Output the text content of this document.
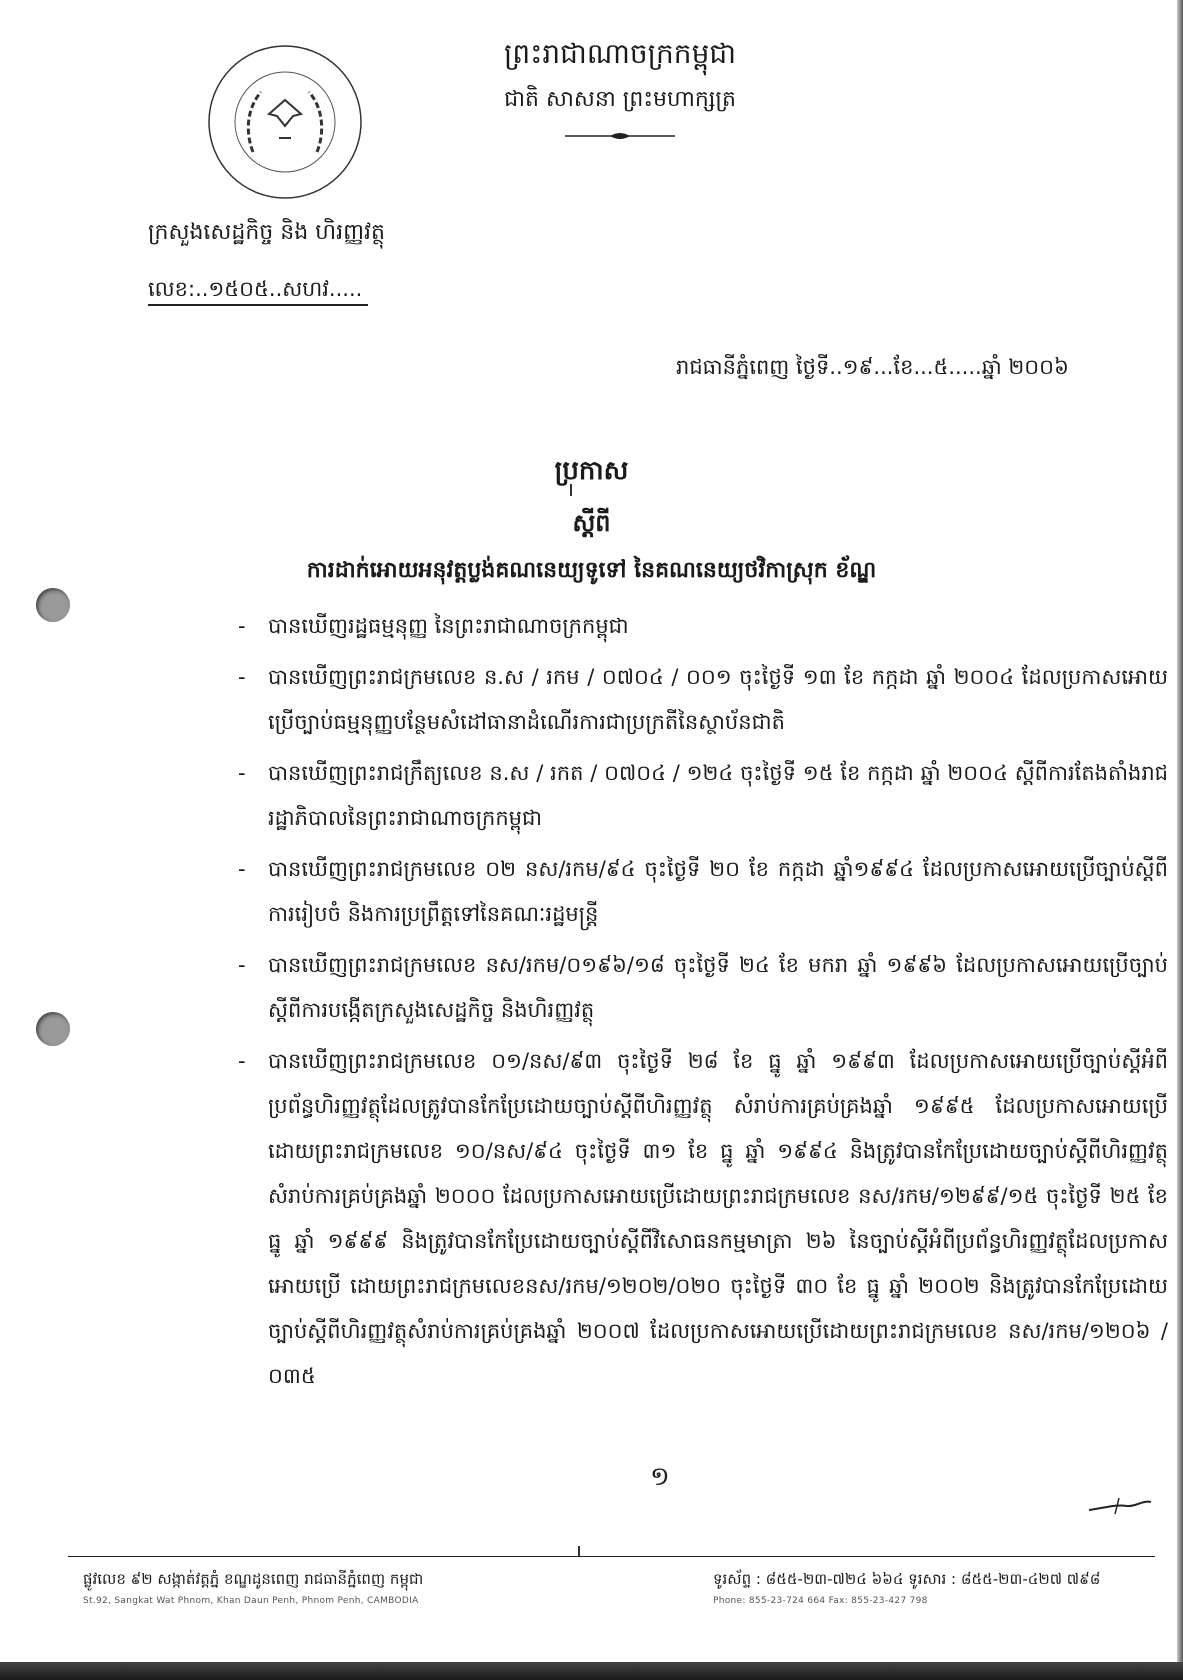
ក្រសួងសេដ្ឋកិច្ច និង ហិរញ្ញវត្ថុ
លេខ:..១៥០៥..សហវ.....
ព្រះរាជាណាចក្រកម្ពុជា
ជាតិ សាសនា ព្រះមហាក្សត្រ
រាជធានីភ្នំពេញ ថ្ងៃទី..១៩...ខែ...៥.....ឆ្នាំ ២០០៦
ប្រកាស
ស្តីពី
ការដាក់អោយអនុវត្តប្លង់គណនេយ្យទូទៅ នៃគណនេយ្យថវិកាស្រុក ខ័ណ្ឌ
- បានឃើញរដ្ឋធម្មនុញ្ញ នៃព្រះរាជាណាចក្រកម្ពុជា
- បានឃើញព្រះរាជក្រមលេខ ន.ស / រកម / ០៧០៤ / ០០១ ចុះថ្ងៃទី ១៣ ខែ កក្កដា ឆ្នាំ ២០០៤ ដែលប្រកាសអោយប្រើច្បាប់ធម្មនុញ្ញបន្ថែមសំដៅធានាដំណើរការជាប្រក្រតីនៃស្ថាប័នជាតិ
- បានឃើញព្រះរាជក្រឹត្យលេខ ន.ស / រកត / ០៧០៤ / ១២៤ ចុះថ្ងៃទី ១៥ ខែ កក្កដា ឆ្នាំ ២០០៤ ស្តីពីការតែងតាំងរាជរដ្ឋាភិបាលនៃព្រះរាជាណាចក្រកម្ពុជា
- បានឃើញព្រះរាជក្រមលេខ ០២ នស/រកម/៩៤ ចុះថ្ងៃទី ២០ ខែ កក្កដា ឆ្នាំ១៩៩៤ ដែលប្រកាសអោយប្រើច្បាប់ស្តីពីការរៀបចំ និងការប្រព្រឹត្តទៅនៃគណៈរដ្ឋមន្ត្រី
- បានឃើញព្រះរាជក្រមលេខ នស/រកម/០១៩៦/១៨ ចុះថ្ងៃទី ២៤ ខែ មករា ឆ្នាំ ១៩៩៦ ដែលប្រកាសអោយប្រើច្បាប់ស្តីពីការបង្កើតក្រសួងសេដ្ឋកិច្ច និងហិរញ្ញវត្ថុ
- បានឃើញព្រះរាជក្រមលេខ ០១/នស/៩៣ ចុះថ្ងៃទី ២៨ ខែ ធ្នូ ឆ្នាំ ១៩៩៣ ដែលប្រកាសអោយប្រើច្បាប់ស្តីអំពីប្រព័ន្ធហិរញ្ញវត្ថុដែលត្រូវបានកែប្រែដោយច្បាប់ស្តីពីហិរញ្ញវត្ថុ សំរាប់ការគ្រប់គ្រងឆ្នាំ ១៩៩៥ ដែលប្រកាសអោយប្រើដោយព្រះរាជក្រមលេខ ១០/នស/៩៤ ចុះថ្ងៃទី ៣១ ខែ ធ្នូ ឆ្នាំ ១៩៩៤ និងត្រូវបានកែប្រែដោយច្បាប់ស្តីពីហិរញ្ញវត្ថុសំរាប់ការគ្រប់គ្រងឆ្នាំ ២០០០ ដែលប្រកាសអោយប្រើដោយព្រះរាជក្រមលេខ នស/រកម/១២៩៩/១៥ ចុះថ្ងៃទី ២៥ ខែ ធ្នូ ឆ្នាំ ១៩៩៩ និងត្រូវបានកែប្រែដោយច្បាប់ស្តីពីវិសោធនកម្មមាត្រា ២៦ នៃច្បាប់ស្តីអំពីប្រព័ន្ធហិរញ្ញវត្ថុដែលប្រកាសអោយប្រើ ដោយព្រះរាជក្រមលេខនស/រកម/១២០២/០២០ ចុះថ្ងៃទី ៣០ ខែ ធ្នូ ឆ្នាំ ២០០២ និងត្រូវបានកែប្រែដោយច្បាប់ស្តីពីហិរញ្ញវត្ថុសំរាប់ការគ្រប់គ្រងឆ្នាំ ២០០៧ ដែលប្រកាសអោយប្រើដោយព្រះរាជក្រមលេខ នស/រកម/១២០៦ /០៣៥
១
ផ្លូវលេខ ៩២ សង្កាត់វត្តភ្នំ ខណ្ឌដូនពេញ រាជធានីភ្នំពេញ កម្ពុជា
St.92, Sangkat Wat Phnom, Khan Daun Penh, Phnom Penh, CAMBODIA
ទូរស័ព្ទ : ៨៥៥-២៣-៧២៤ ៦៦៤ ទូរសារ : ៨៥៥-២៣-៤២៧ ៧៩៨
Phone: 855-23-724 664 Fax: 855-23-427 798
